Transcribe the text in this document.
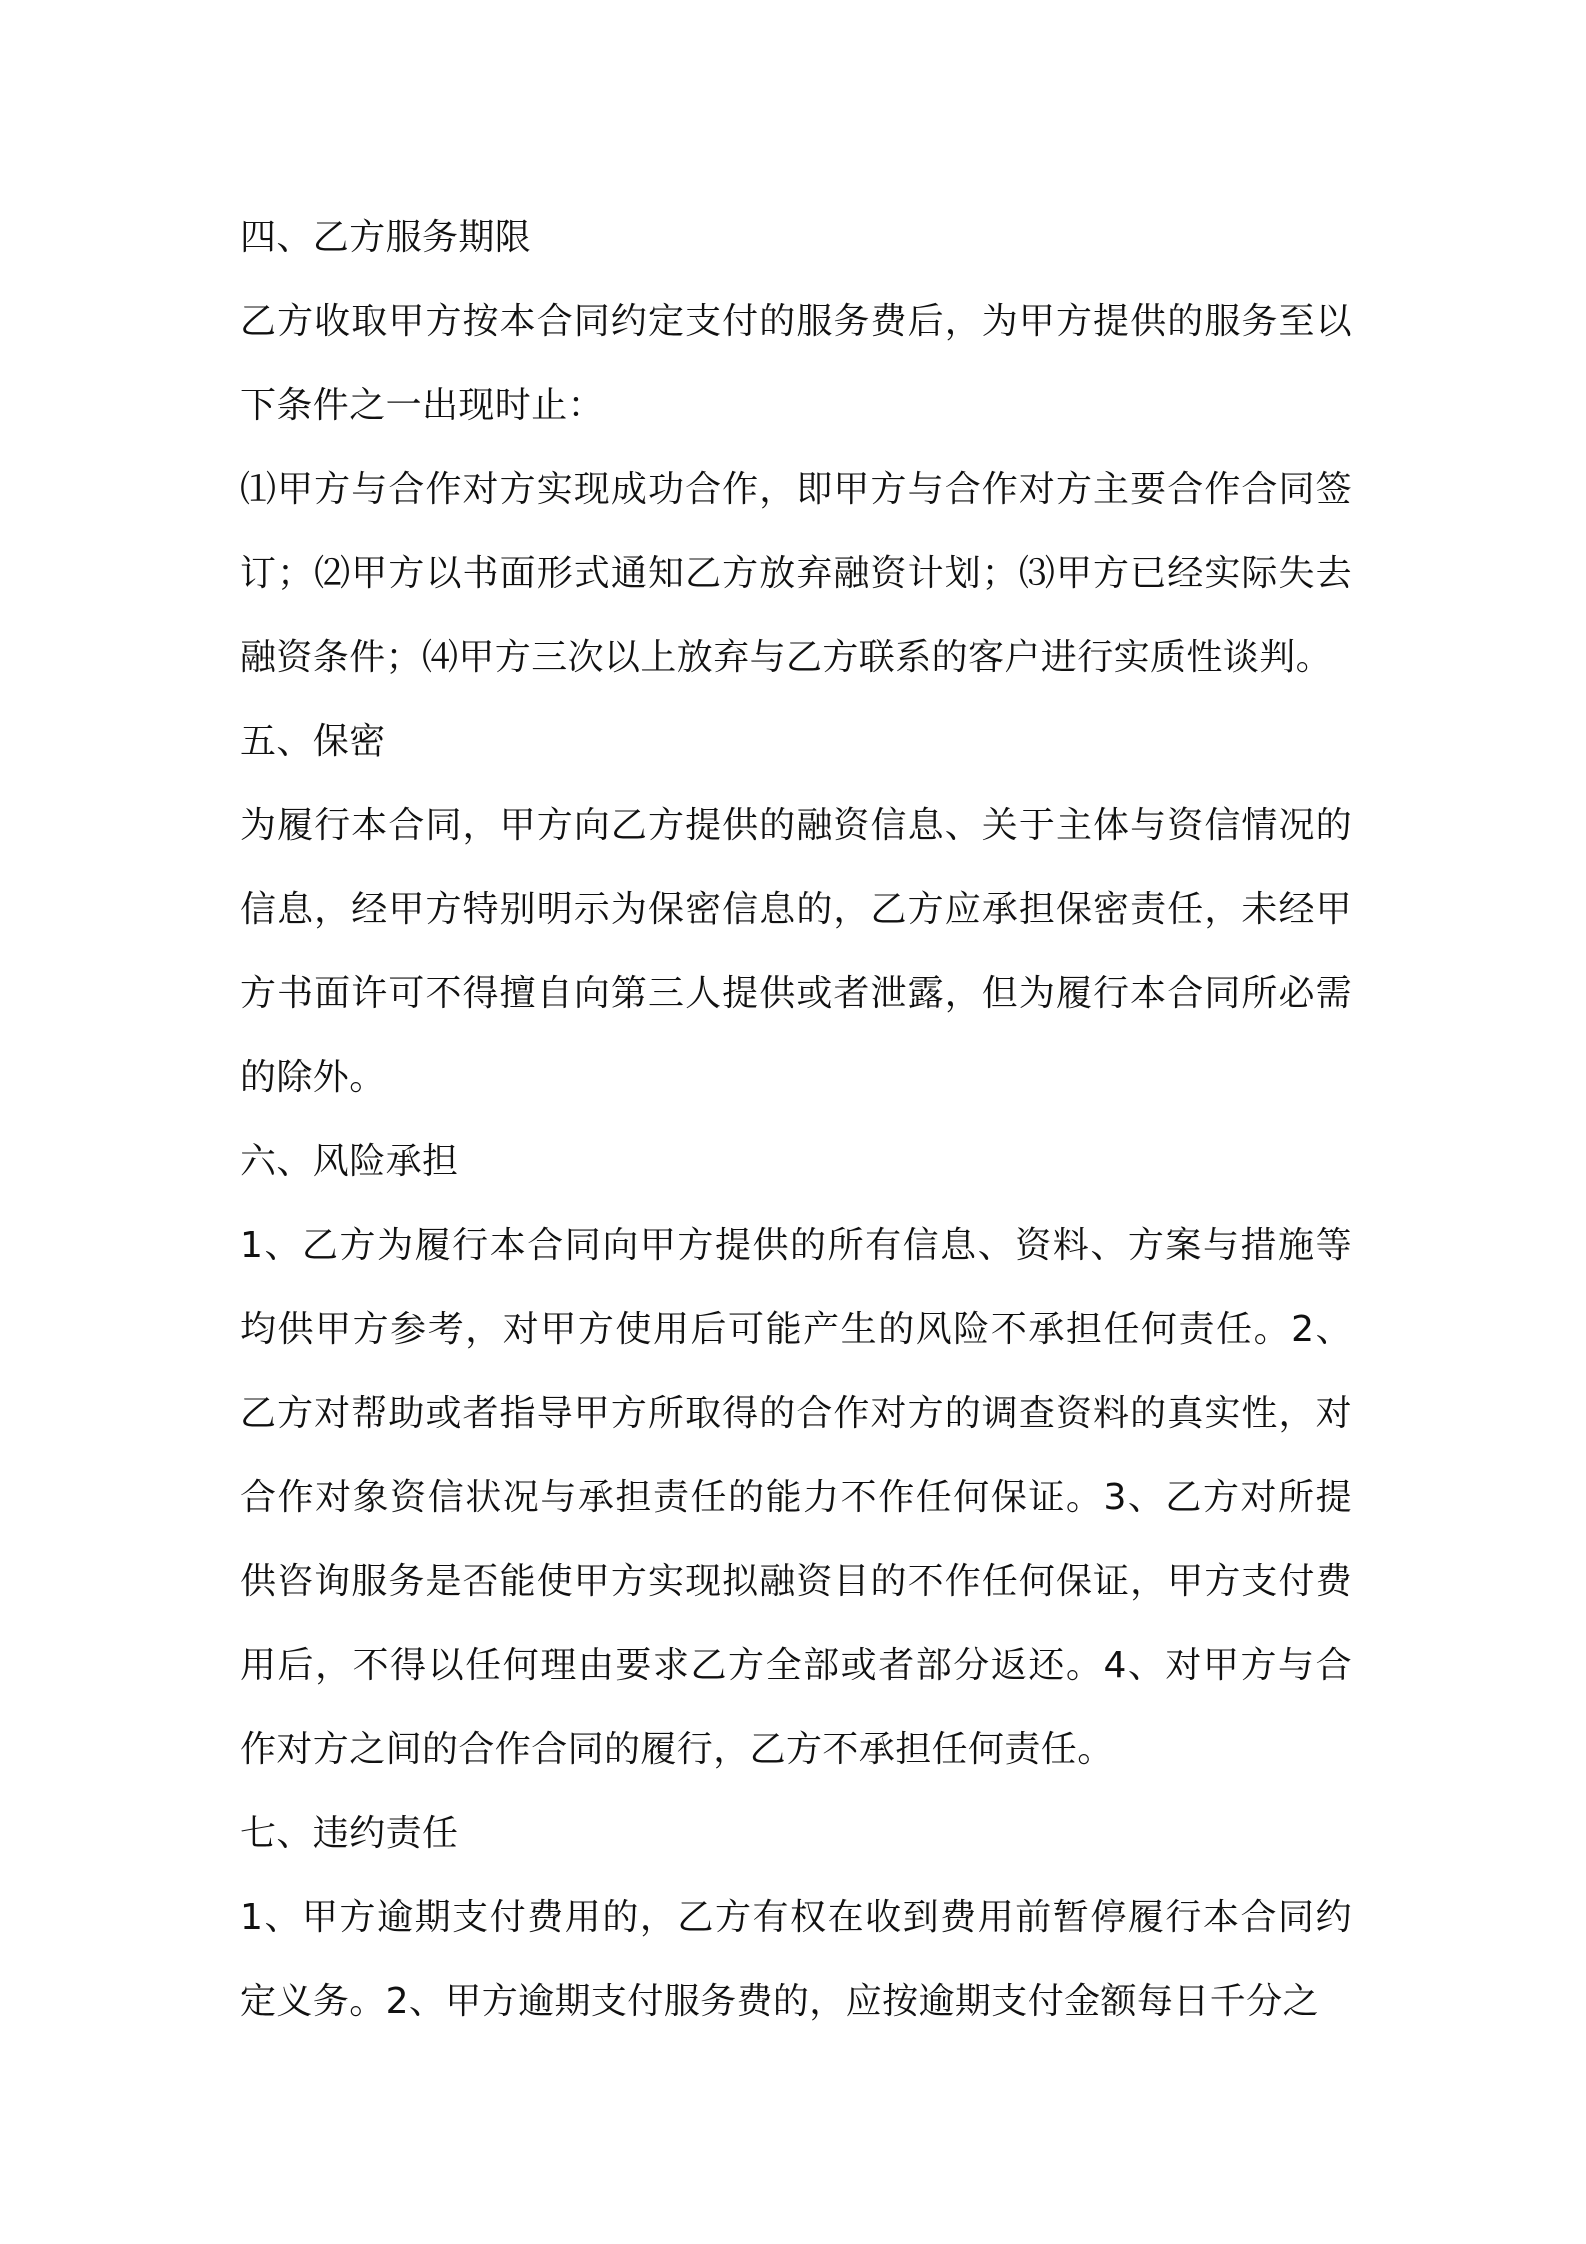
四、乙方服务期限

乙方收取甲方按本合同约定支付的服务费后，为甲方提供的服务至以下条件之一出现时止：

⑴甲方与合作对方实现成功合作，即甲方与合作对方主要合作合同签订；⑵甲方以书面形式通知乙方放弃融资计划；⑶甲方已经实际失去融资条件；⑷甲方三次以上放弃与乙方联系的客户进行实质性谈判。

五、保密

为履行本合同，甲方向乙方提供的融资信息、关于主体与资信情况的信息，经甲方特别明示为保密信息的，乙方应承担保密责任，未经甲方书面许可不得擅自向第三人提供或者泄露，但为履行本合同所必需的除外。

六、风险承担

1、乙方为履行本合同向甲方提供的所有信息、资料、方案与措施等均供甲方参考，对甲方使用后可能产生的风险不承担任何责任。2、乙方对帮助或者指导甲方所取得的合作对方的调查资料的真实性，对合作对象资信状况与承担责任的能力不作任何保证。3、乙方对所提供咨询服务是否能使甲方实现拟融资目的不作任何保证，甲方支付费用后，不得以任何理由要求乙方全部或者部分返还。4、对甲方与合作对方之间的合作合同的履行，乙方不承担任何责任。

七、违约责任

1、甲方逾期支付费用的，乙方有权在收到费用前暂停履行本合同约定义务。2、甲方逾期支付服务费的，应按逾期支付金额每日千分之
